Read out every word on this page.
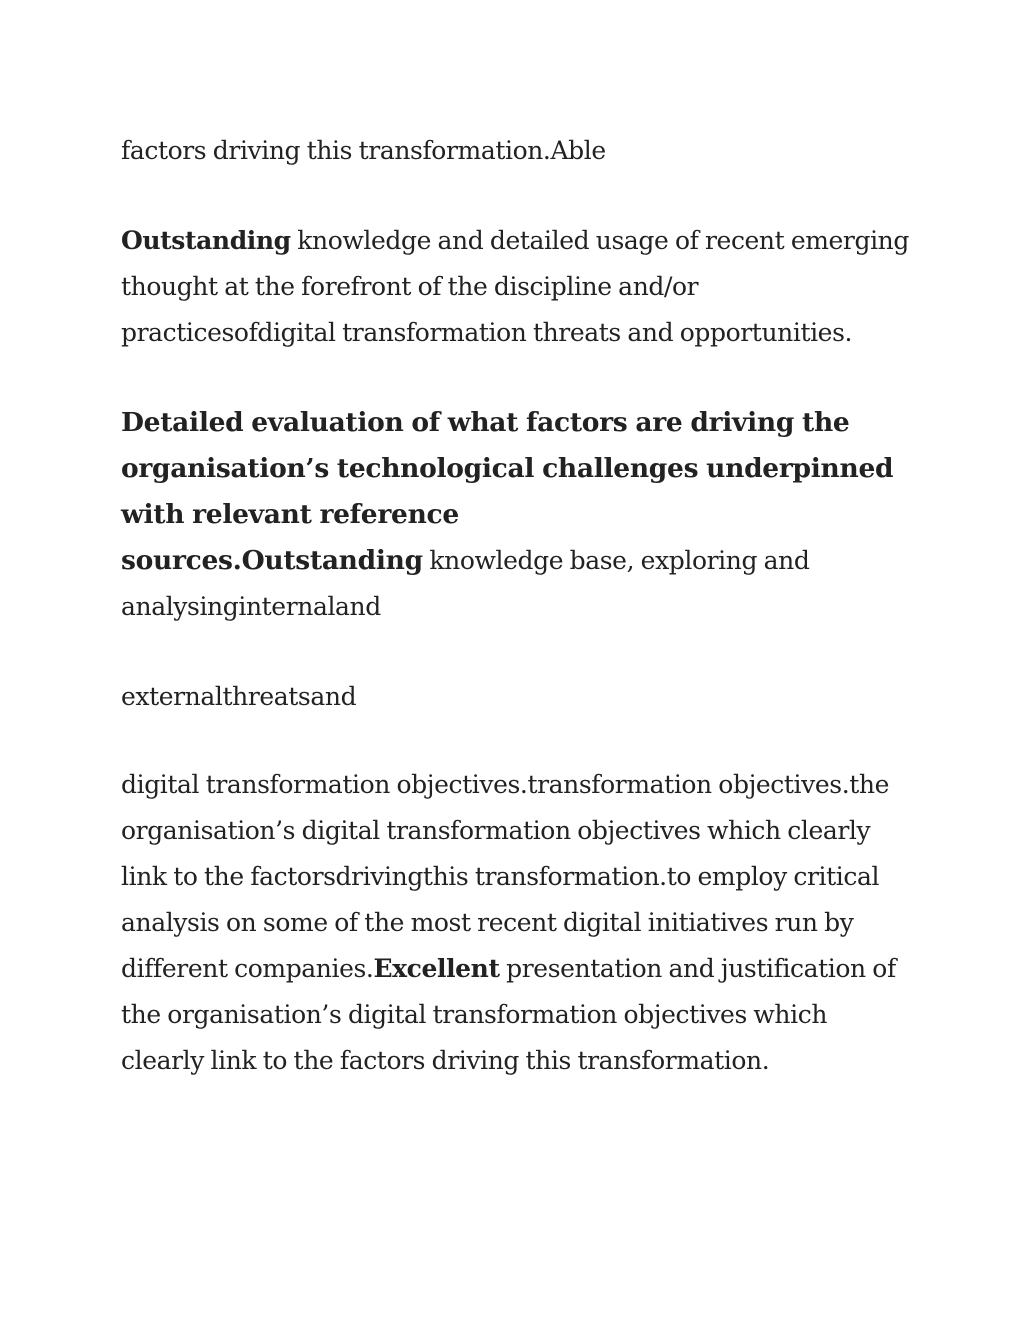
factors driving this transformation.Able

Outstanding knowledge and detailed usage of recent emerging thought at the forefront of the discipline and/or practicesofdigital transformation threats and opportunities.

Detailed evaluation of what factors are driving the organisation’s technological challenges underpinned with relevant reference
sources.Outstanding knowledge base, exploring and analysinginternaland

externalthreatsand

digital transformation objectives.transformation objectives.the organisation’s digital transformation objectives which clearly link to the factorsdrivingthis transformation.to employ critical analysis on some of the most recent digital initiatives run by different companies.Excellent presentation and justification of the organisation’s digital transformation objectives which clearly link to the factors driving this transformation.
